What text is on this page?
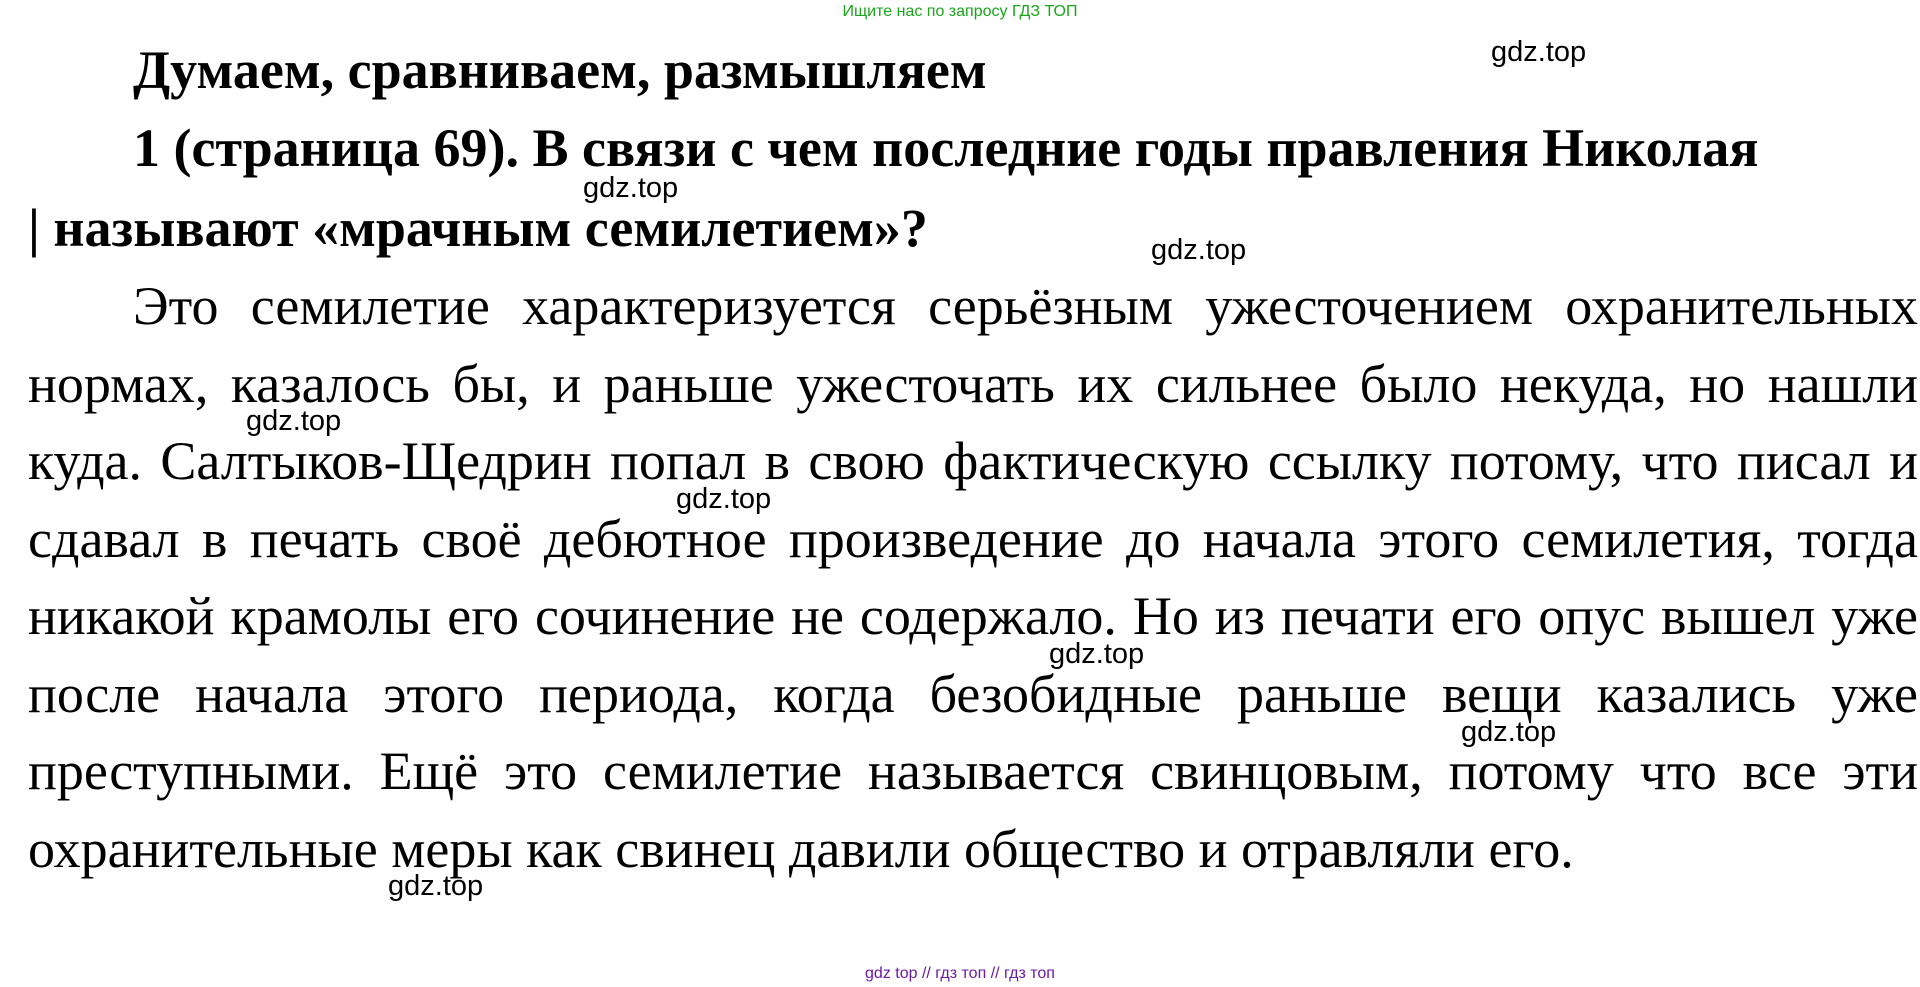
Ищите нас по запросу ГДЗ ТОП
Думаем, сравниваем, размышляем
1 (страница 69). В связи с чем последние годы правления Николая
| называют «мрачным семилетием»?

Это семилетие характеризуется серьёзным ужесточением охранительных нормах, казалось бы, и раньше ужесточать их сильнее было некуда, но нашли куда. Салтыков-Щедрин попал в свою фактическую ссылку потому, что писал и сдавал в печать своё дебютное произведение до начала этого семилетия, тогда никакой крамолы его сочинение не содержало. Но из печати его опус вышел уже после начала этого периода, когда безобидные раньше вещи казались уже преступными. Ещё это семилетие называется свинцовым, потому что все эти охранительные меры как свинец давили общество и отравляли его.

gdz.top
gdz.top
gdz.top
gdz.top
gdz.top
gdz.top
gdz.top
gdz.top
gdz top // гдз топ // гдз топ
